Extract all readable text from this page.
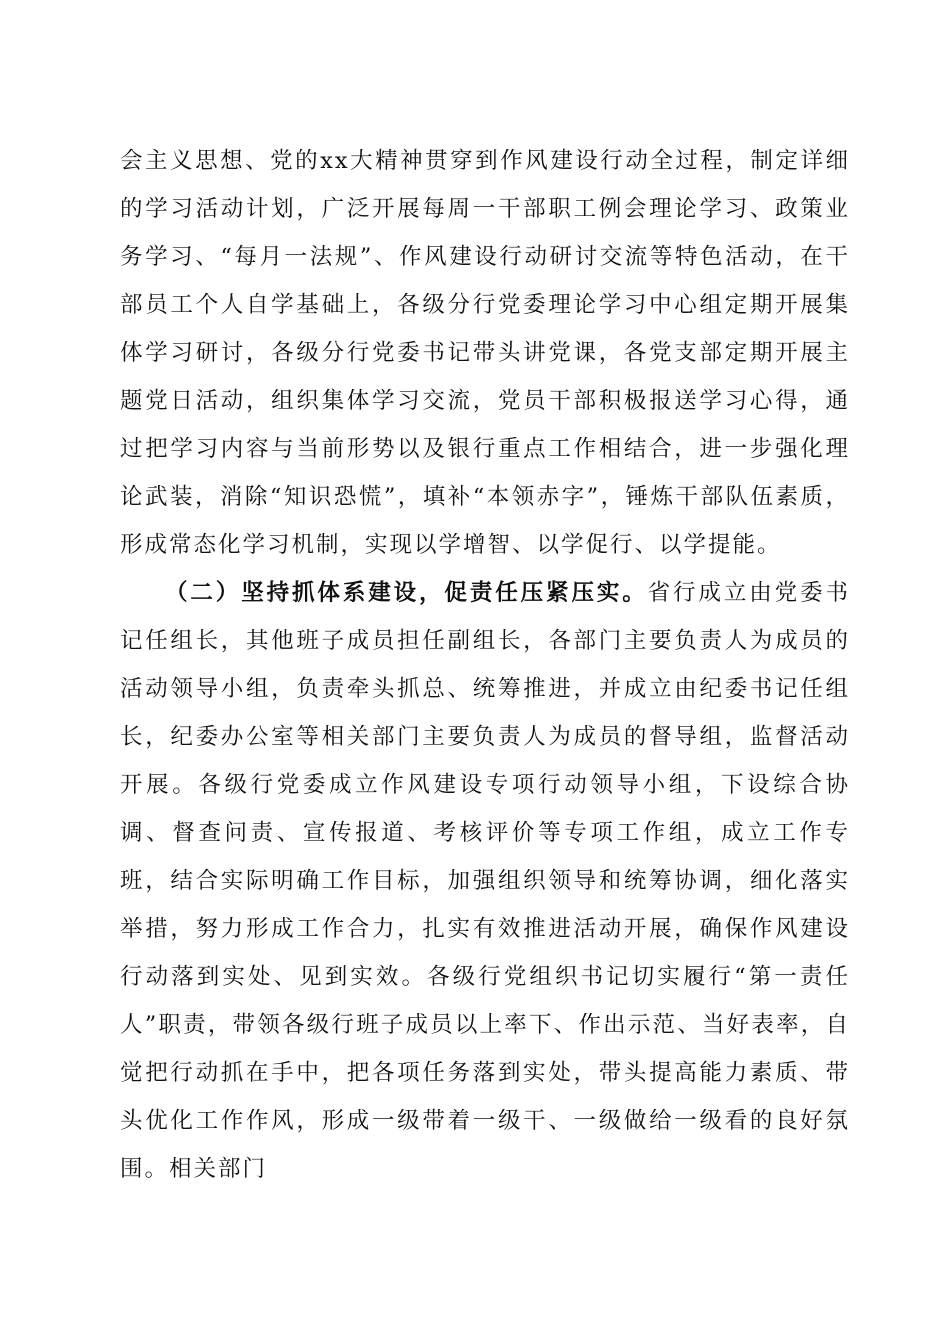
会主义思想、党的xx大精神贯穿到作风建设行动全过程，制定详细的学习活动计划，广泛开展每周一干部职工例会理论学习、政策业务学习、“每月一法规”、作风建设行动研讨交流等特色活动，在干部员工个人自学基础上，各级分行党委理论学习中心组定期开展集体学习研讨，各级分行党委书记带头讲党课，各党支部定期开展主题党日活动，组织集体学习交流，党员干部积极报送学习心得，通过把学习内容与当前形势以及银行重点工作相结合，进一步强化理论武装，消除“知识恐慌”，填补“本领赤字”，锤炼干部队伍素质，形成常态化学习机制，实现以学增智、以学促行、以学提能。

（二）坚持抓体系建设，促责任压紧压实。省行成立由党委书记任组长，其他班子成员担任副组长，各部门主要负责人为成员的活动领导小组，负责牵头抓总、统筹推进，并成立由纪委书记任组长，纪委办公室等相关部门主要负责人为成员的督导组，监督活动开展。各级行党委成立作风建设专项行动领导小组，下设综合协调、督查问责、宣传报道、考核评价等专项工作组，成立工作专班，结合实际明确工作目标，加强组织领导和统筹协调，细化落实举措，努力形成工作合力，扎实有效推进活动开展，确保作风建设行动落到实处、见到实效。各级行党组织书记切实履行“第一责任人”职责，带领各级行班子成员以上率下、作出示范、当好表率，自觉把行动抓在手中，把各项任务落到实处，带头提高能力素质、带头优化工作作风，形成一级带着一级干、一级做给一级看的良好氛围。相关部门
